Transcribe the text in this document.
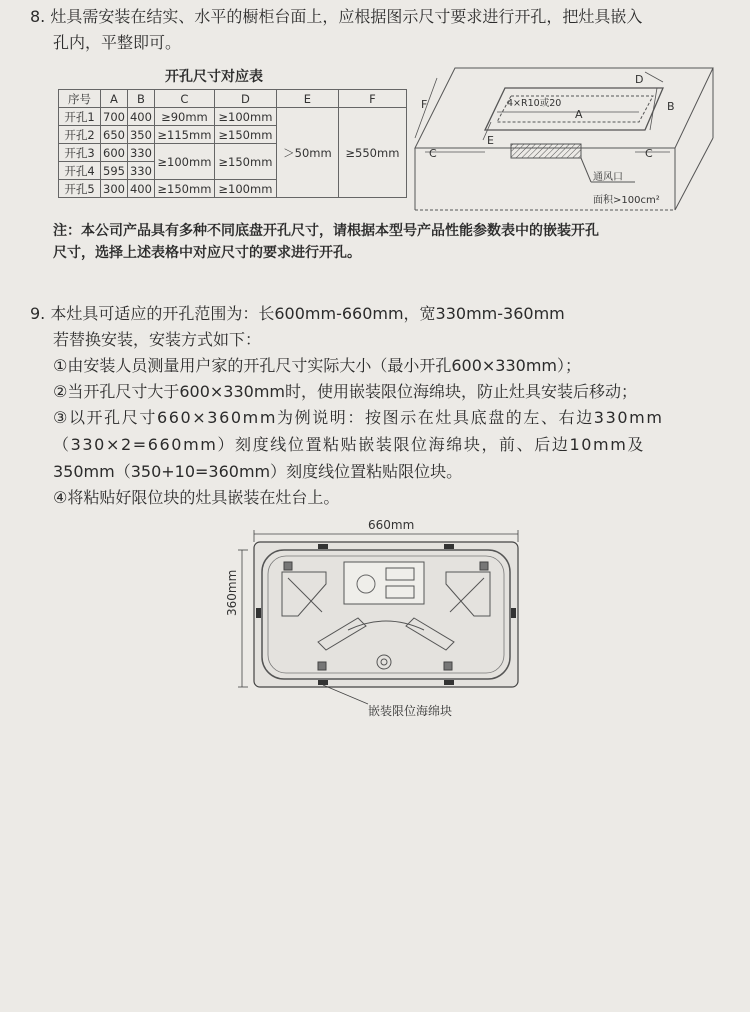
8. 灶具需安装在结实、水平的橱柜台面上，应根据图示尺寸要求进行开孔，把灶具嵌入
孔内，平整即可。
开孔尺寸对应表
序号	A	B	C	D	E	F
开孔1	700	400	≥90mm	≥100mm	＞50mm	≥550mm
开孔2	650	350	≥115mm	≥150mm		
开孔3	600	330	≥100mm	≥150mm		
开孔4	595	330				
开孔5	300	400	≥150mm	≥100mm		
A
B
C	C
D
E
F	4×R10或20
通风口
面积>100cm²
注：本公司产品具有多种不同底盘开孔尺寸，请根据本型号产品性能参数表中的嵌装开孔
尺寸，选择上述表格中对应尺寸的要求进行开孔。
9. 本灶具可适应的开孔范围为：长600mm-660mm，宽330mm-360mm
若替换安装，安装方式如下：
①由安装人员测量用户家的开孔尺寸实际大小（最小开孔600×330mm）；
②当开孔尺寸大于600×330mm时，使用嵌装限位海绵块，防止灶具安装后移动；
③以开孔尺寸660×360mm为例说明：按图示在灶具底盘的左、右边330mm
（330×2=660mm）刻度线位置粘贴嵌装限位海绵块，前、后边10mm及
350mm（350+10=360mm）刻度线位置粘贴限位块。
④将粘贴好限位块的灶具嵌装在灶台上。
660mm
嵌装限位海绵块
360mm
